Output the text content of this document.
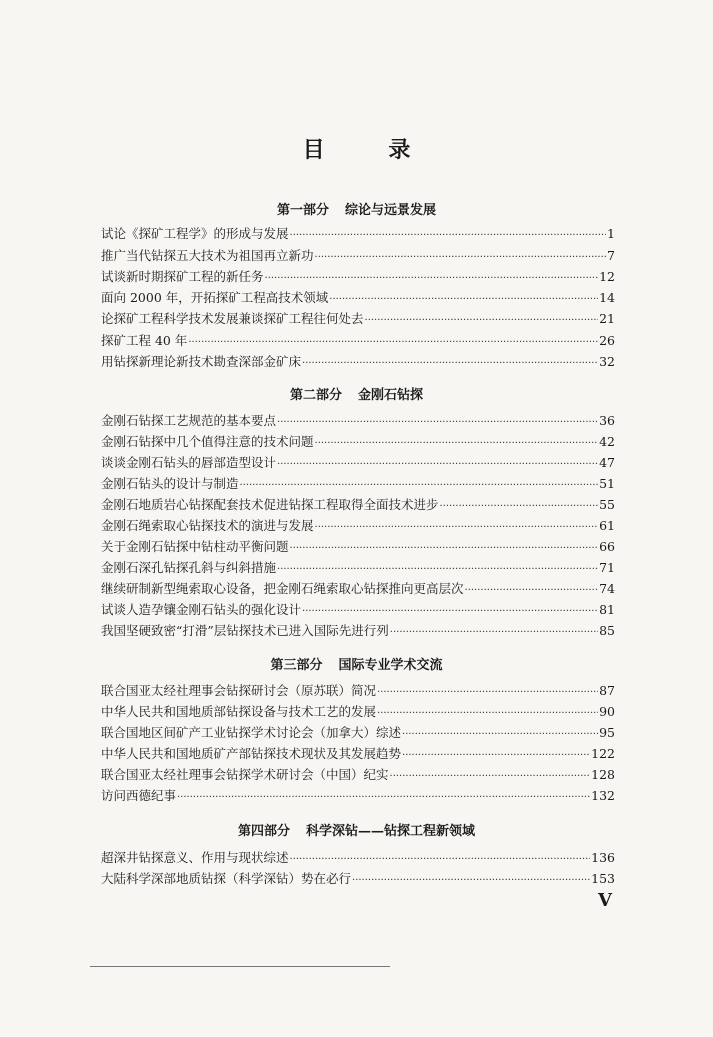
目 录
第一部分 综论与远景发展
试论《探矿工程学》的形成与发展 ·····	1
推广当代钻探五大技术为祖国再立新功 ·····	7
试谈新时期探矿工程的新任务 ·····	12
面向 2000 年，开拓探矿工程高技术领域 ·····	14
论探矿工程科学技术发展兼谈探矿工程往何处去 ·····	21
探矿工程 40 年 ·····	26
用钻探新理论新技术勘查深部金矿床 ·····	32
第二部分 金刚石钻探
金刚石钻探工艺规范的基本要点 ·····	36
金刚石钻探中几个值得注意的技术问题 ·····	42
谈谈金刚石钻头的唇部造型设计 ·····	47
金刚石钻头的设计与制造 ·····	51
金刚石地质岩心钻探配套技术促进钻探工程取得全面技术进步 ·····	55
金刚石绳索取心钻探技术的演进与发展 ·····	61
关于金刚石钻探中钻柱动平衡问题 ·····	66
金刚石深孔钻探孔斜与纠斜措施 ·····	71
继续研制新型绳索取心设备，把金刚石绳索取心钻探推向更高层次 ·····	74
试谈人造孕镶金刚石钻头的强化设计 ·····	81
我国坚硬致密“打滑”层钻探技术已进入国际先进行列 ·····	85
第三部分 国际专业学术交流
联合国亚太经社理事会钻探研讨会（原苏联）简况 ·····	87
中华人民共和国地质部钻探设备与技术工艺的发展 ·····	90
联合国地区间矿产工业钻探学术讨论会（加拿大）综述 ·····	95
中华人民共和国地质矿产部钻探技术现状及其发展趋势 ·····	122
联合国亚太经社理事会钻探学术研讨会（中国）纪实 ·····	128
访问西德纪事 ·····	132
第四部分 科学深钻——钻探工程新领域
超深井钻探意义、作用与现状综述 ·····	136
大陆科学深部地质钻探（科学深钻）势在必行 ·····	153
V
